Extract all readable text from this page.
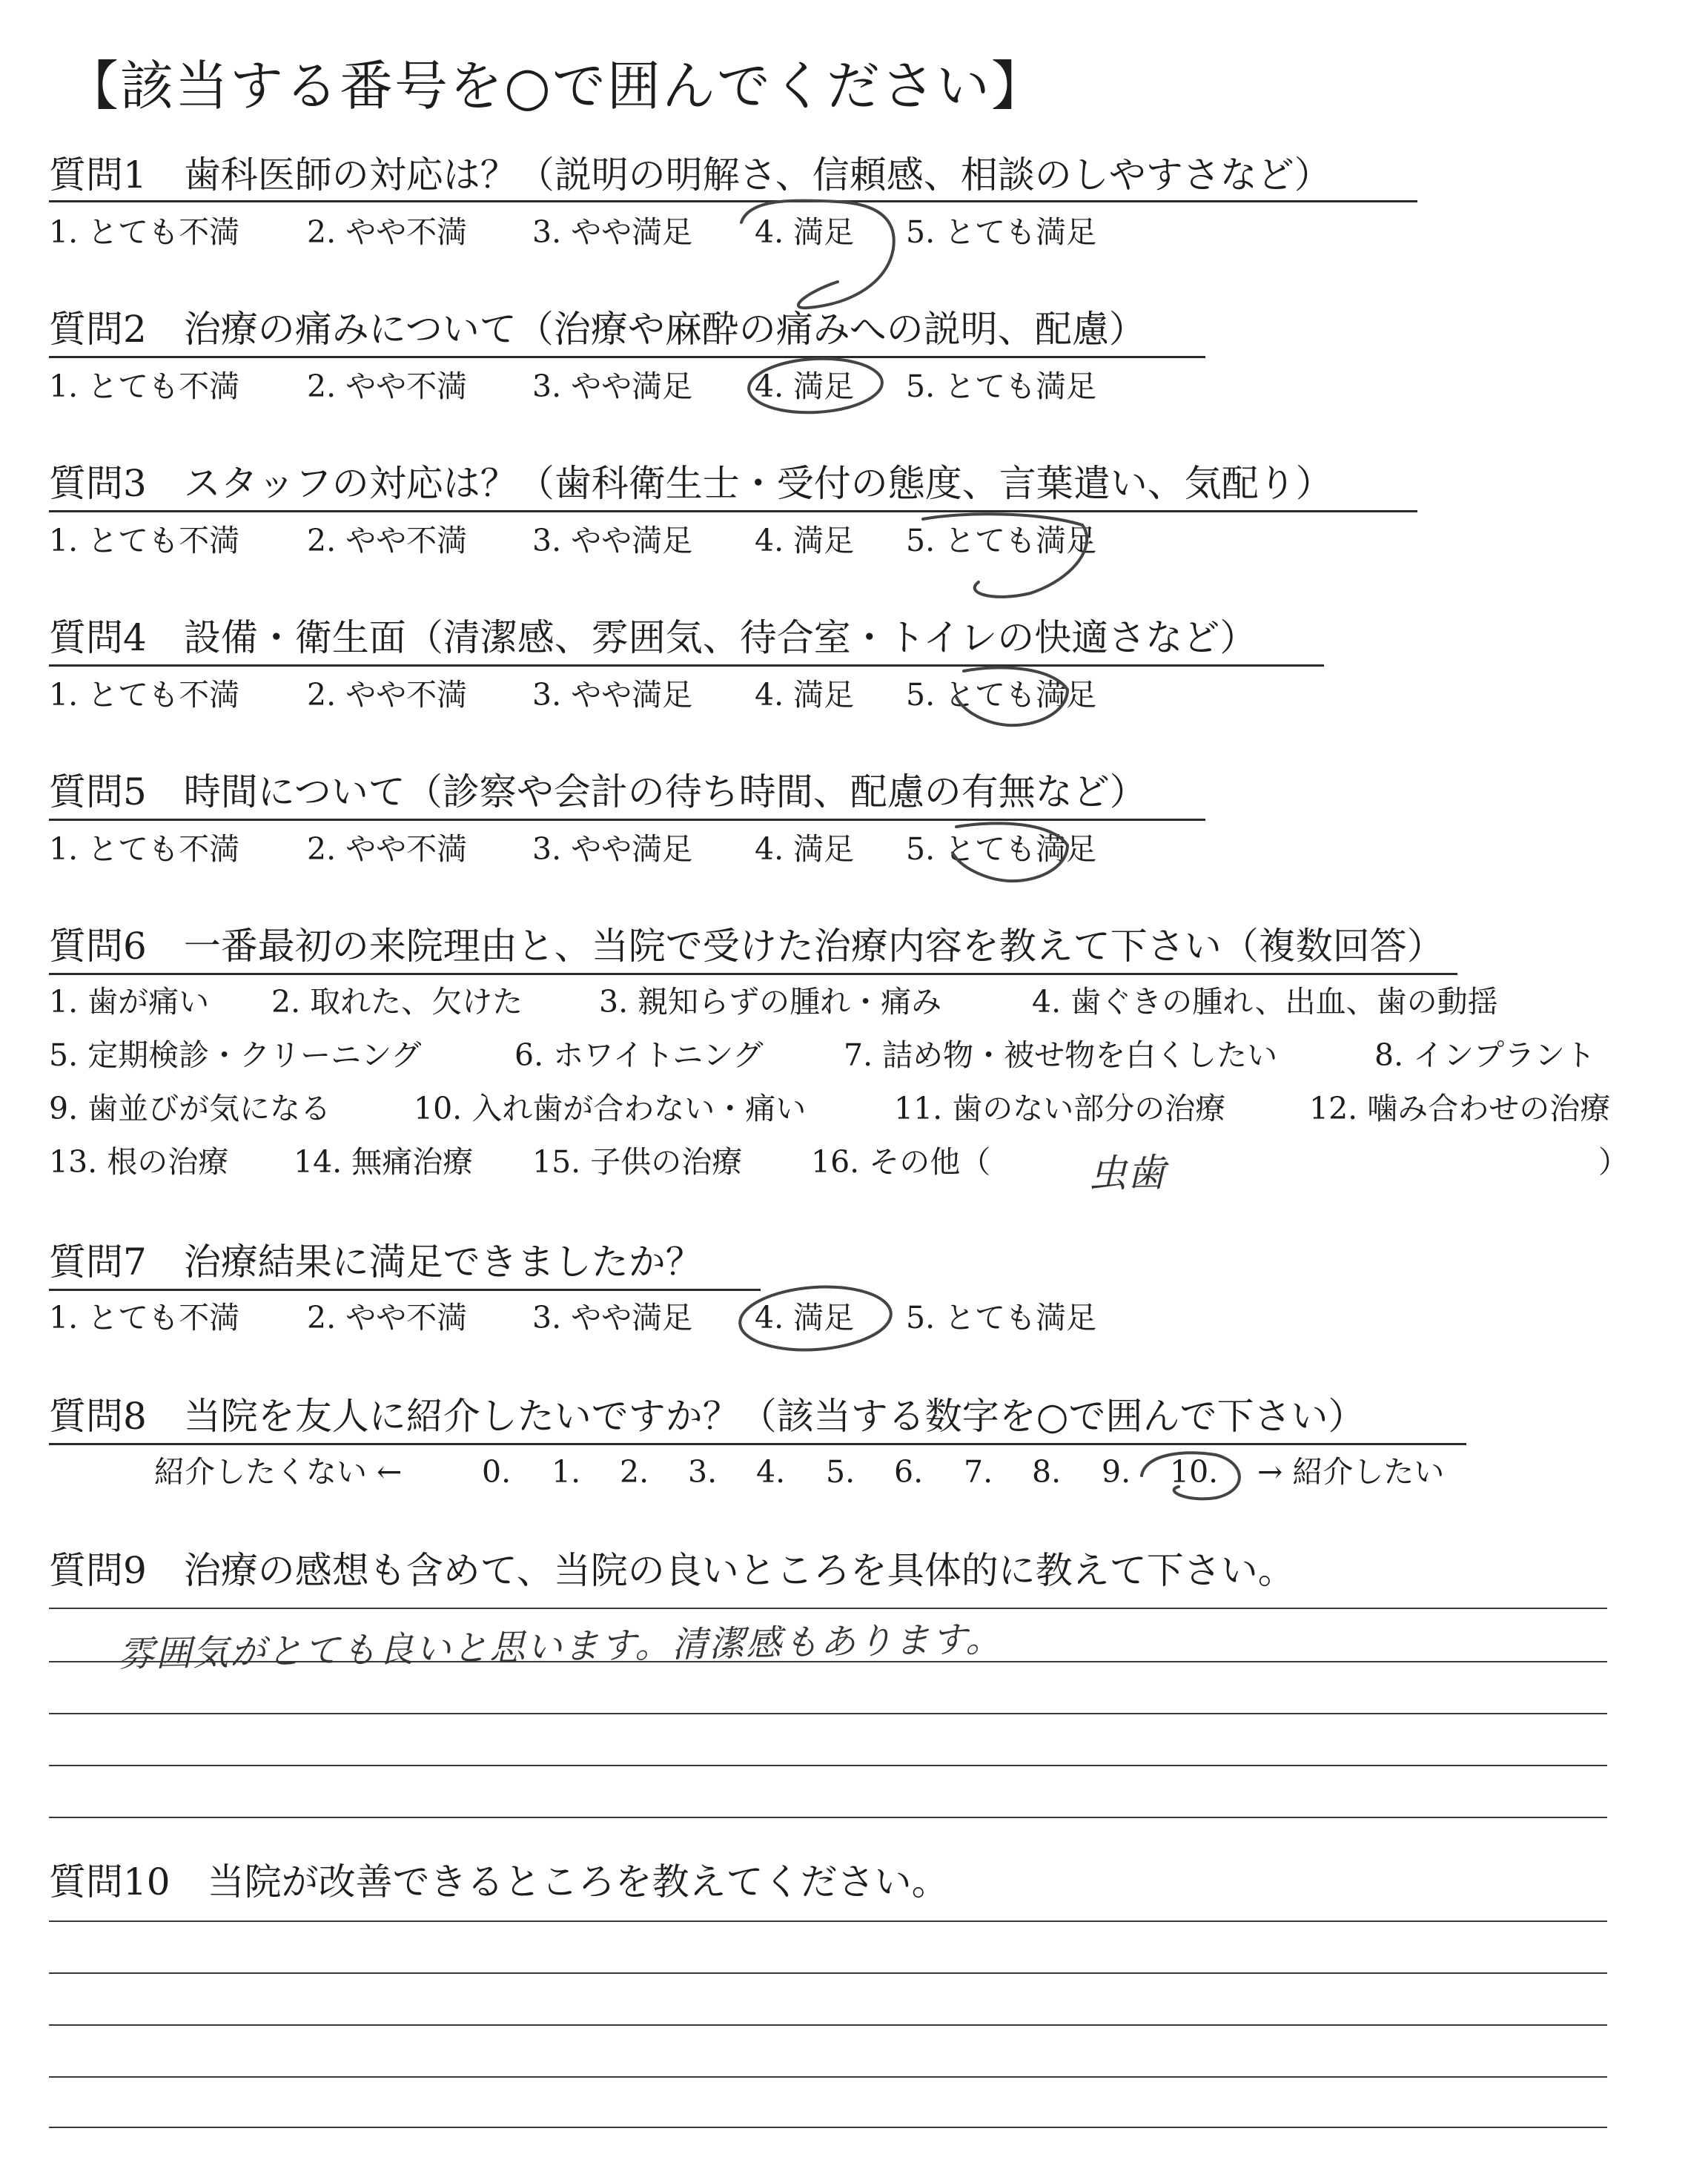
【該当する番号を○で囲んでください】
質問1　歯科医師の対応は？（説明の明解さ、信頼感、相談のしやすさなど）
1. とても不満 2. やや不満 3. やや満足 4. 満足 5. とても満足
質問2　治療の痛みについて（治療や麻酔の痛みへの説明、配慮）
1. とても不満 2. やや不満 3. やや満足 4. 満足 5. とても満足
質問3　スタッフの対応は？（歯科衛生士・受付の態度、言葉遣い、気配り）
1. とても不満 2. やや不満 3. やや満足 4. 満足 5. とても満足
質問4　設備・衛生面（清潔感、雰囲気、待合室・トイレの快適さなど）
1. とても不満 2. やや不満 3. やや満足 4. 満足 5. とても満足
質問5　時間について（診察や会計の待ち時間、配慮の有無など）
1. とても不満 2. やや不満 3. やや満足 4. 満足 5. とても満足
質問6　一番最初の来院理由と、当院で受けた治療内容を教えて下さい（複数回答）
1. 歯が痛い 2. 取れた、欠けた	3. 親知らずの腫れ・痛み	4. 歯ぐきの腫れ、出血、歯の動揺
5. 定期検診・クリーニング	6. ホワイトニング	7. 詰め物・被せ物を白くしたい	8. インプラント
9. 歯並びが気になる	10. 入れ歯が合わない・痛い	11. 歯のない部分の治療	12. 噛み合わせの治療
13. 根の治療 14. 無痛治療 15. 子供の治療 16. その他（	）
虫歯
質問7　治療結果に満足できましたか？
1. とても不満 2. やや不満 3. やや満足 4. 満足 5. とても満足
質問8　当院を友人に紹介したいですか？（該当する数字を○で囲んで下さい）
紹介したくない ←	0. 1. 2. 3. 4. 5. 6. 7. 8. 9. 10. → 紹介したい
質問9　治療の感想も含めて、当院の良いところを具体的に教えて下さい。
雰囲気がとても良いと思います。清潔感もあります。
質問10　当院が改善できるところを教えてください。
